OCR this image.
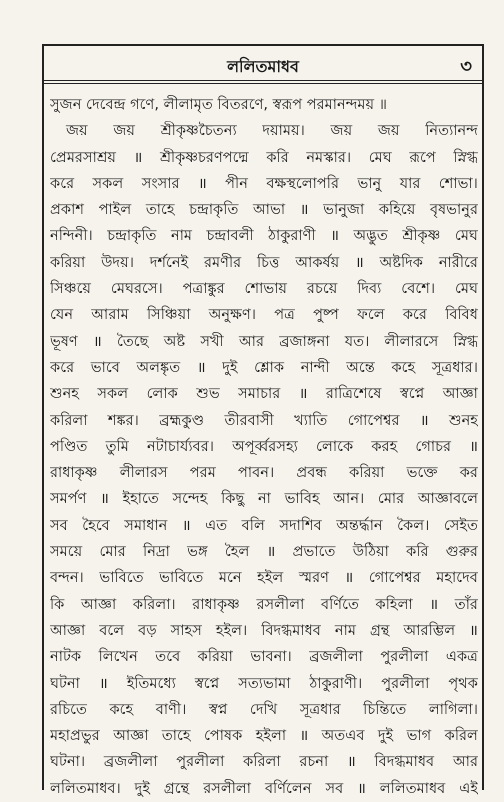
ললিতমাধব	৩
সুজন দেবেন্দ্র গণে, লীলামৃত বিতরণে, স্বরূপ পরমানন্দময় ॥
জয় জয় শ্রীকৃষ্ণচৈতন্য দয়াময়। জয় জয় নিত্যানন্দ
প্রেমরসাশ্রয় ॥ শ্রীকৃষ্ণচরণপদ্মে করি নমস্কার। মেঘ রূপে স্নিগ্ধ
করে সকল সংসার ॥ পীন বক্ষস্থলোপরি ভানু যার শোভা।
প্রকাশ পাইল তাহে চন্দ্রাকৃতি আভা ॥ ভানুজা কহিয়ে বৃষভানুর
নন্দিনী। চন্দ্রাকৃতি নাম চন্দ্রাবলী ঠাকুরাণী ॥ অদ্ভুত শ্রীকৃষ্ণ মেঘ
করিয়া উদয়। দর্শনেই রমণীর চিত্ত আকর্ষয় ॥ অষ্টদিক নারীরে
সিঞ্চয়ে মেঘরসে। পত্রাঙ্কুর শোভায় রচয়ে দিব্য বেশে। মেঘ
যেন আরাম সিঞ্চিয়া অনুক্ষণ। পত্র পুষ্প ফলে করে বিবিধ
ভূষণ ॥ তৈছে অষ্ট সখী আর ব্রজাঙ্গনা যত। লীলারসে স্নিগ্ধ
করে ভাবে অলঙ্কৃত ॥ দুই শ্লোক নান্দী অন্তে কহে সূত্রধার।
শুনহ সকল লোক শুভ সমাচার ॥ রাত্রিশেষে স্বপ্নে আজ্ঞা
করিলা শঙ্কর। ব্রহ্মকুণ্ড তীরবাসী খ্যাতি গোপেশ্বর ॥ শুনহ
পণ্ডিত তুমি নটাচার্য্যবর। অপূর্ব্বরসহ্য লোকে করহ গোচর ॥
রাধাকৃষ্ণ লীলারস পরম পাবন। প্রবন্ধ করিয়া ভক্তে কর
সমর্পণ ॥ ইহাতে সন্দেহ কিছু না ভাবিহ আন। মোর আজ্ঞাবলে
সব হৈবে সমাধান ॥ এত বলি সদাশিব অন্তর্দ্ধান কৈল। সেইত
সময়ে মোর নিদ্রা ভঙ্গ হৈল ॥ প্রভাতে উঠিয়া করি গুরুর
বন্দন। ভাবিতে ভাবিতে মনে হইল স্মরণ ॥ গোপেশ্বর মহাদেব
কি আজ্ঞা করিলা। রাধাকৃষ্ণ রসলীলা বর্ণিতে কহিলা ॥ তাঁর
আজ্ঞা বলে বড় সাহস হইল। বিদগ্ধমাধব নাম গ্রন্থ আরম্ভিল ॥
নাটক লিখেন তবে করিয়া ভাবনা। ব্রজলীলা পুরলীলা একত্র
ঘটনা ॥ ইতিমধ্যে স্বপ্নে সত্যভামা ঠাকুরাণী। পুরলীলা পৃথক
রচিতে কহে বাণী। স্বপ্ন দেখি সূত্রধার চিন্তিতে লাগিলা।
মহাপ্রভুর আজ্ঞা তাহে পোষক হইলা ॥ অতএব দুই ভাগ করিল
ঘটনা। ব্রজলীলা পুরলীলা করিলা রচনা ॥ বিদগ্ধমাধব আর
ললিতমাধব। দুই গ্রন্থে রসলীলা বর্ণিলেন সব ॥ ললিতমাধব এই
